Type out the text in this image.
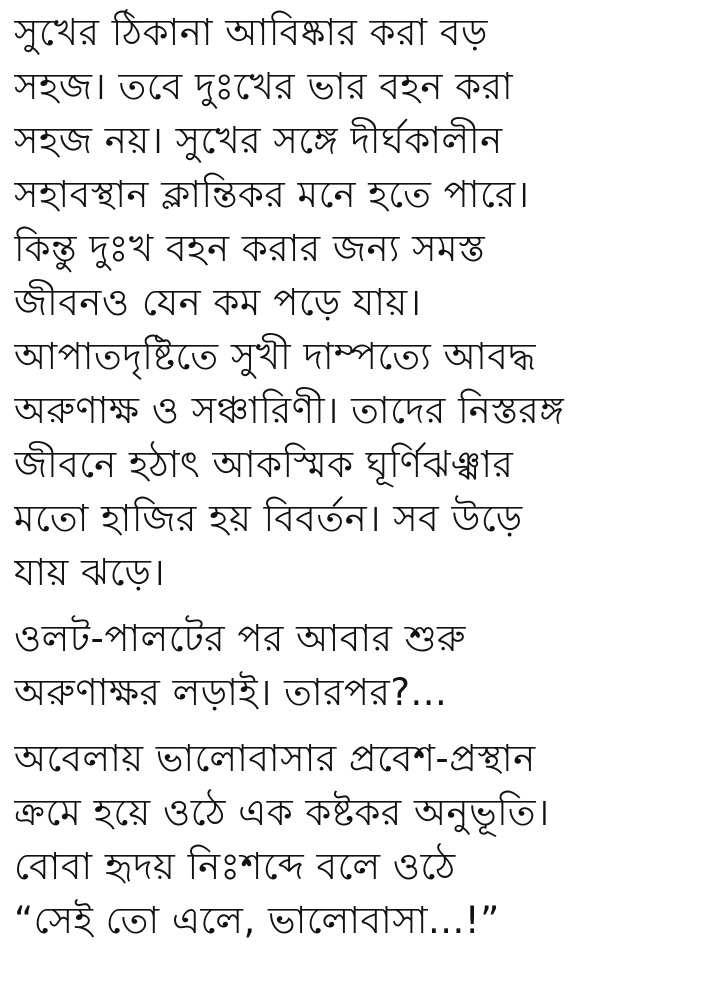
সুখের ঠিকানা আবিষ্কার করা বড়
সহজ। তবে দুঃখের ভার বহন করা
সহজ নয়। সুখের সঙ্গে দীর্ঘকালীন
সহাবস্থান ক্লান্তিকর মনে হতে পারে।
কিন্তু দুঃখ বহন করার জন্য সমস্ত
জীবনও যেন কম পড়ে যায়।
আপাতদৃষ্টিতে সুখী দাম্পত্যে আবদ্ধ
অরুণাক্ষ ও সঞ্চারিণী। তাদের নিস্তরঙ্গ
জীবনে হঠাৎ আকস্মিক ঘূর্ণিঝঞ্ঝার
মতো হাজির হয় বিবর্তন। সব উড়ে
যায় ঝড়ে।
ওলট-পালটের পর আবার শুরু
অরুণাক্ষর লড়াই। তারপর?...
অবেলায় ভালোবাসার প্রবেশ-প্রস্থান
ক্রমে হয়ে ওঠে এক কষ্টকর অনুভূতি।
বোবা হৃদয় নিঃশব্দে বলে ওঠে
“সেই তো এলে, ভালোবাসা...!”
